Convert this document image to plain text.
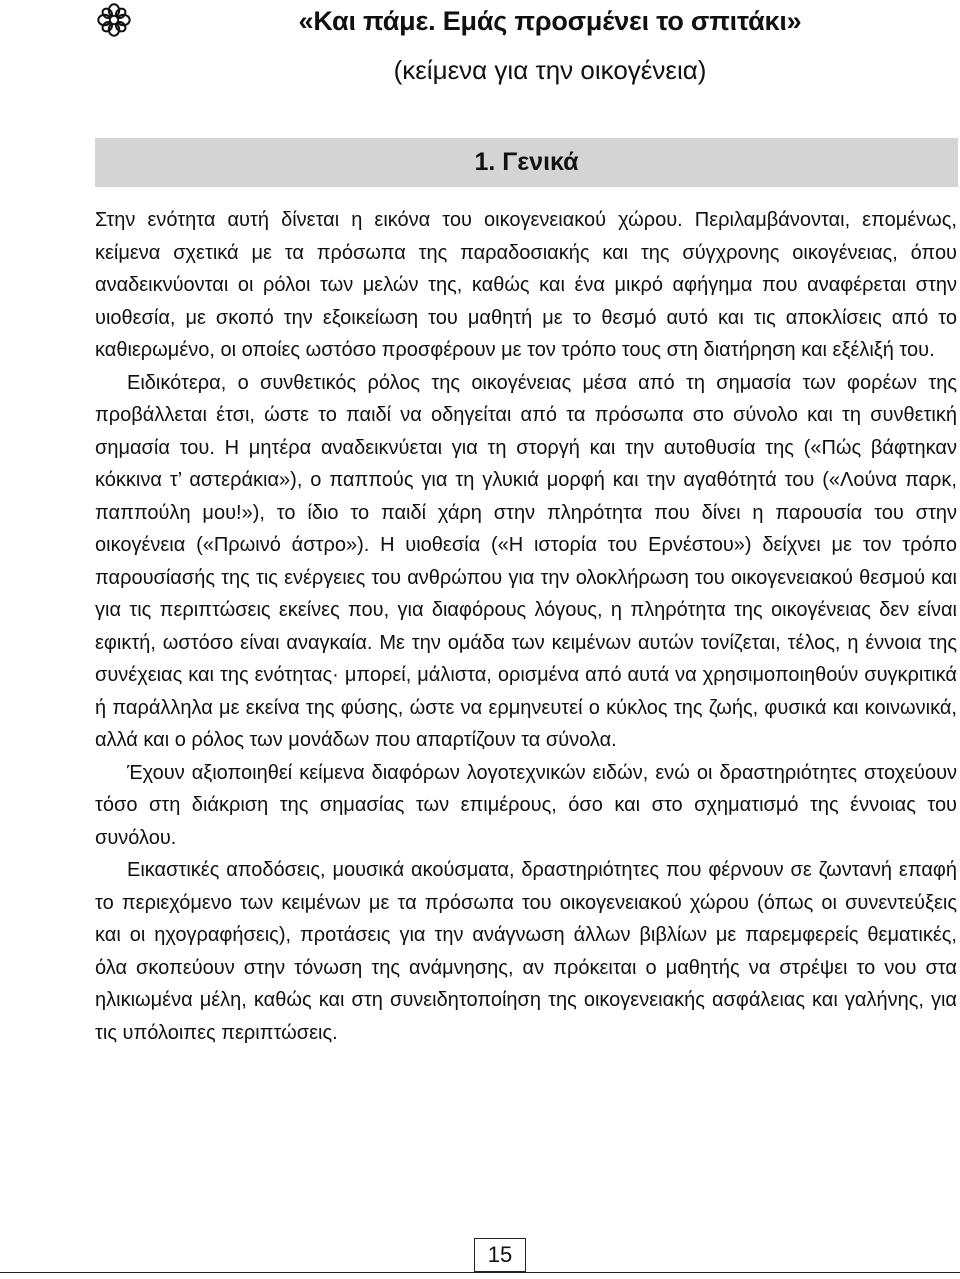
«Και πάμε. Εμάς προσμένει το σπιτάκι»
(κείμενα για την οικογένεια)
1. Γενικά

Στην ενότητα αυτή δίνεται η εικόνα του οικογενειακού χώρου. Περιλαμβάνονται, επομένως, κείμενα σχετικά με τα πρόσωπα της παραδοσιακής και της σύγχρονης οικογένειας, όπου αναδεικνύονται οι ρόλοι των μελών της, καθώς και ένα μικρό αφήγημα που αναφέρεται στην υιοθεσία, με σκοπό την εξοικείωση του μαθητή με το θεσμό αυτό και τις αποκλίσεις από το καθιερωμένο, οι οποίες ωστόσο προσφέρουν με τον τρόπο τους στη διατήρηση και εξέλιξή του.

Ειδικότερα, ο συνθετικός ρόλος της οικογένειας μέσα από τη σημασία των φορέων της προβάλλεται έτσι, ώστε το παιδί να οδηγείται από τα πρόσωπα στο σύνολο και τη συνθετική σημασία του. Η μητέρα αναδεικνύεται για τη στοργή και την αυτοθυσία της («Πώς βάφτηκαν κόκκινα τ’ αστεράκια»), ο παππούς για τη γλυκιά μορφή και την αγαθότητά του («Λούνα παρκ, παππούλη μου!»), το ίδιο το παιδί χάρη στην πληρότητα που δίνει η παρουσία του στην οικογένεια («Πρωινό άστρο»). Η υιοθεσία («Η ιστορία του Ερνέστου») δείχνει με τον τρόπο παρουσίασής της τις ενέργειες του ανθρώπου για την ολοκλήρωση του οικογενειακού θεσμού και για τις περιπτώσεις εκείνες που, για διαφόρους λόγους, η πληρότητα της οικογένειας δεν είναι εφικτή, ωστόσο είναι αναγκαία. Με την ομάδα των κειμένων αυτών τονίζεται, τέλος, η έννοια της συνέχειας και της ενότητας· μπορεί, μάλιστα, ορισμένα από αυτά να χρησιμοποιηθούν συγκριτικά ή παράλληλα με εκείνα της φύσης, ώστε να ερμηνευτεί ο κύκλος της ζωής, φυσικά και κοινωνικά, αλλά και ο ρόλος των μονάδων που απαρτίζουν τα σύνολα.

Έχουν αξιοποιηθεί κείμενα διαφόρων λογοτεχνικών ειδών, ενώ οι δραστηριότητες στοχεύουν τόσο στη διάκριση της σημασίας των επιμέρους, όσο και στο σχηματισμό της έννοιας του συνόλου.

Εικαστικές αποδόσεις, μουσικά ακούσματα, δραστηριότητες που φέρνουν σε ζωντανή επαφή το περιεχόμενο των κειμένων με τα πρόσωπα του οικογενειακού χώρου (όπως οι συνεντεύξεις και οι ηχογραφήσεις), προτάσεις για την ανάγνωση άλλων βιβλίων με παρεμφερείς θεματικές, όλα σκοπεύουν στην τόνωση της ανάμνησης, αν πρόκειται ο μαθητής να στρέψει το νου στα ηλικιωμένα μέλη, καθώς και στη συνειδητοποίηση της οικογενειακής ασφάλειας και γαλήνης, για τις υπόλοιπες περιπτώσεις.

15
